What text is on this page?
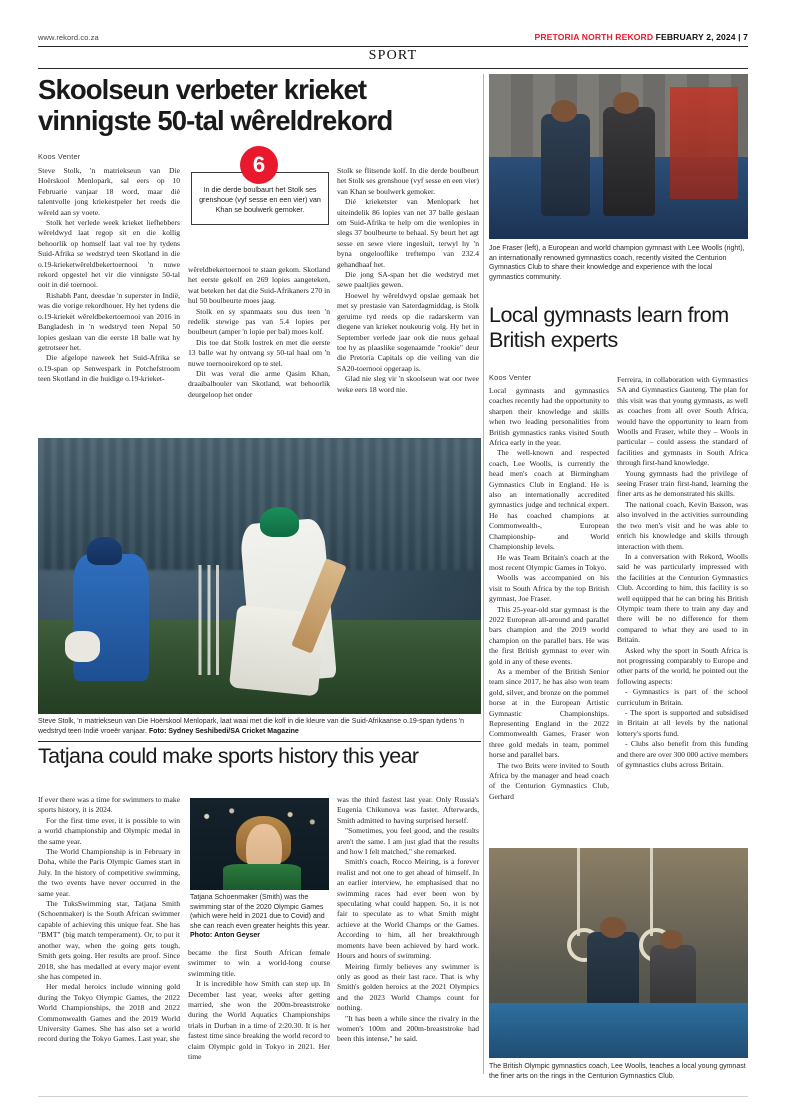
www.rekord.co.za	PRETORIA NORTH REKORD FEBRUARY 2, 2024 | 7
SPORT
Skoolseun verbeter krieket vinnigste 50-tal wêreldrekord
Koos Venter

Steve Stolk, 'n matriekseun van Die Hoërskool Menlopark, sal eers op 10 Februarie vanjaar 18 word, maar dié talentvolle jong kriekestpeler het reeds die wêreld aan sy voete.

Stolk het verlede week krieket liefhebbers wêreldwyd laat regop sit en die kollig behoorlik op homself laat val toe hy tydens Suid-Afrika se wedstryd teen Skotland in die o.19-krieketwêreldbekertoernooi 'n nuwe rekord opgestel het vir die vinnigste 50-tal ooit in dié toernooi.

Rishabh Pant, deesdae 'n superster in Indië, was die vorige rekordhouer. Hy het tydens die o.19-krieket wêreldbekertoernooi van 2016 in Bangladesh in 'n wedstryd teen Nepal 50 lopies geslaan van die eerste 18 balle wat hy getrotseer het.

Die afgelope naweek het Suid-Afrika se o.19-span op Senwespark in Potchefstroom teen Skotland in die huidige o.19-krieket-

6
In die derde boulbaurt het Stolk ses grenshoue (vyf sesse en een vier) van Khan se boulwerk gemoker.

wêreldbekertoernooi te staan gekom. Skotland het eerste gekolf en 269 lopies aangeteken, wat beteken het dat die Suid-Afrikaners 270 in hul 50 boulbeurte moes jaag.

Stolk en sy spanmaats sou dus teen 'n redelik stewige pas van 5.4 lopies per boulbeurt (amper 'n lopie per bal) moes kolf.

Dis toe dat Stolk lostrek en met die eerste 13 balle wat hy ontvang sy 50-tal haal om 'n nuwe toernooirekord op te stel.

Dit was veral die arme Qasim Khan, draaibalbouler van Skotland, wat behoorlik deurgeloop het onder

Stolk se flitsende kolf. In die derde boulbeurt het Stolk ses grenshoue (vyf sesse en een vier) van Khan se boulwerk gemoker.

Dié krieketster van Menlopark het uiteindelik 86 lopies van net 37 balle geslaan om Suid-Afrika te help om die wenlopies in slegs 37 boulbeurte te behaal. Sy beurt het agt sesse en sewe viere ingesluit, terwyl hy 'n byna ongelooflike treftempo van 232.4 gehandhaaf het.

Die jong SA-span het die wedstryd met sewe paaltjies gewen.

Hoewel hy wêreldwyd opslae gemaak het met sy prestasie van Saterdagmiddag, is Stolk geruime tyd reeds op die radarskerm van diegene van krieket noukeurig volg. Hy het in September verlede jaar ook die nuus gehaal toe hy as plaaslike sogenaamde "rookie" deur die Pretoria Capitals op die veiling van die SA20-toernooi opgeraap is.

Glad nie sleg vir 'n skoolseun wat oor twee weke eers 18 word nie.

Steve Stolk, 'n matriekseun van Die Hoërskool Menlopark, laat waai met die kolf in die kleure van die Suid-Afrikaanse o.19-span tydens 'n wedstryd teen Indië vroeër vanjaar. Foto: Sydney Seshibedi/SA Cricket Magazine
Tatjana could make sports history this year

If ever there was a time for swimmers to make sports history, it is 2024.

For the first time ever, it is possible to win a world championship and Olympic medal in the same year.

The World Championship is in February in Doha, while the Paris Olympic Games start in July. In the history of competitive swimming, the two events have never occurred in the same year.

The TuksSwimming star, Tatjana Smith (Schoenmaker) is the South African swimmer capable of achieving this unique feat. She has "BMT" (big match temperament). Or, to put it another way, when the going gets tough, Smith gets going. Her results are proof. Since 2018, she has medalled at every major event she has competed in.

Her medal heroics include winning gold during the Tokyo Olympic Games, the 2022 World Championships, the 2018 and 2022 Commonwealth Games and the 2019 World University Games. She has also set a world record during the Tokyo Games. Last year, she

Tatjana Schoenmaker (Smith) was the swimming star of the 2020 Olympic Games (which were held in 2021 due to Covid) and she can reach even greater heights this year. Photo: Anton Geyser

became the first South African female swimmer to win a world-long course swimming title.

It is incredible how Smith can step up. In December last year, weeks after getting married, she won the 200m-breaststroke during the World Aquatics Championships trials in Durban in a time of 2:20.30. It is her fastest time since breaking the world record to claim Olympic gold in Tokyo in 2021. Her time

was the third fastest last year. Only Russia's Eugenia Chikunova was faster. Afterwards, Smith admitted to having surprised herself.

"Sometimes, you feel good, and the results aren't the same. I am just glad that the results and how I felt matched," she remarked.

Smith's coach, Rocco Meiring, is a forever realist and not one to get ahead of himself. In an earlier interview, he emphasised that no swimming races had ever been won by speculating what could happen. So, it is not fair to speculate as to what Smith might achieve at the World Champs or the Games. According to him, all her breakthrough moments have been achieved by hard work. Hours and hours of swimming.

Meiring firmly believes any swimmer is only as good as their last race. That is why Smith's golden heroics at the 2021 Olympics and the 2023 World Champs count for nothing.

"It has been a while since the rivalry in the women's 100m and 200m-breaststroke had been this intense," he said.

Joe Fraser (left), a European and world champion gymnast with Lee Woolls (right), an internationally renowned gymnastics coach, recently visited the Centurion Gymnastics Club to share their knowledge and experience with the local gymnastics community.
Local gymnasts learn from British experts
Koos Venter

Local gymnasts and gymnastics coaches recently had the opportunity to sharpen their knowledge and skills when two leading personalities from British gymnastics ranks visited South Africa early in the year.

The well-known and respected coach, Lee Woolls, is currently the head men's coach at Birmingham Gymnastics Club in England. He is also an internationally accredited gymnastics judge and technical expert. He has coached champions at Commonwealth-, European Championship- and World Championship levels.

He was Team Britain's coach at the most recent Olympic Games in Tokyo.

Woolls was accompanied on his visit to South Africa by the top British gymnast, Joe Fraser.

This 25-year-old star gymnast is the 2022 European all-around and parallel bars champion and the 2019 world champion on the parallel bars. He was the first British gymnast to ever win gold in any of these events.

As a member of the British Senior team since 2017, he has also won team gold, silver, and bronze on the pommel horse at in the European Artistic Gymnastic Championships. Representing England in the 2022 Commonwealth Games, Fraser won three gold medals in team, pommel horse and parallel bars.

The two Brits were invited to South Africa by the manager and head coach of the Centurion Gymnastics Club, Gerhard

Ferreira, in collaboration with Gymnastics SA and Gymnastics Gauteng. The plan for this visit was that young gymnasts, as well as coaches from all over South Africa, would have the opportunity to learn from Woolls and Fraser, while they – Wools in particular – could assess the standard of facilities and gymnasts in South Africa through first-hand knowledge.

Young gymnasts had the privilege of seeing Fraser train first-hand, learning the finer arts as he demonstrated his skills.

The national coach, Kevin Basson, was also involved in the activities surrounding the two men's visit and he was able to enrich his knowledge and skills through interaction with them.

In a conversation with Rekord, Woolls said he was particularly impressed with the facilities at the Centurion Gymnastics Club. According to him, this facility is so well equipped that he can bring his British Olympic team there to train any day and there will be no difference for them compared to what they are used to in Britain.

Asked why the sport in South Africa is not progressing comparably to Europe and other parts of the world, he pointed out the following aspects:

- Gymnastics is part of the school curriculum in Britain.

- The sport is supported and subsidised in Britain at all levels by the national lottery's sports fund.

- Clubs also benefit from this funding and there are over 300 000 active members of gymnastics clubs across Britain.

The British Olympic gymnastics coach, Lee Woolls, teaches a local young gymnast the finer arts on the rings in the Centurion Gymnastics Club.
